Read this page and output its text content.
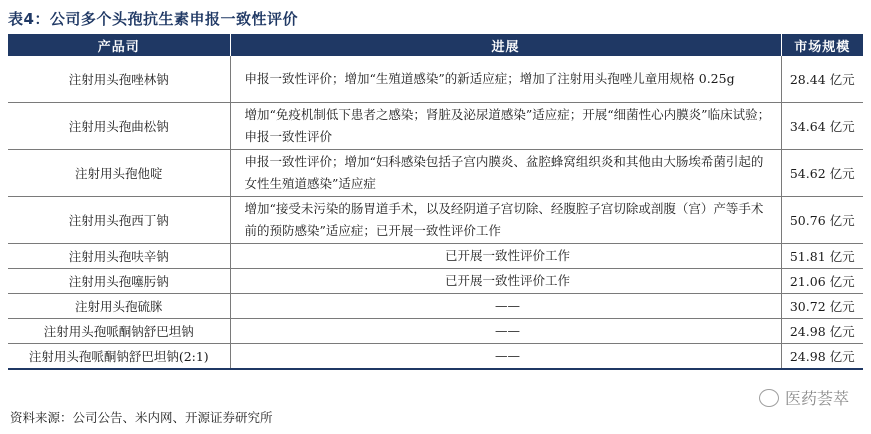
表4：公司多个头孢抗生素申报一致性评价
产品司	进展	市场规模
注射用头孢唑林钠	申报一致性评价；增加“生殖道感染”的新适应症；增加了注射用头孢唑儿童用规格 0.25g	28.44 亿元
注射用头孢曲松钠	增加“免疫机制低下患者之感染；肾脏及泌尿道感染”适应症；开展“细菌性心内膜炎”临床试验；申报一致性评价	34.64 亿元
注射用头孢他啶	申报一致性评价；增加“妇科感染包括子宫内膜炎、盆腔蜂窝组织炎和其他由大肠埃希菌引起的女性生殖道感染”适应症	54.62 亿元
注射用头孢西丁钠	增加“接受未污染的肠胃道手术，以及经阴道子宫切除、经腹腔子宫切除或剖腹（宫）产等手术前的预防感染”适应症；已开展一致性评价工作	50.76 亿元
注射用头孢呋辛钠	已开展一致性评价工作	51.81 亿元
注射用头孢噻肟钠	已开展一致性评价工作	21.06 亿元
注射用头孢硫脒	——	30.72 亿元
注射用头孢哌酮钠舒巴坦钠	——	24.98 亿元
注射用头孢哌酮钠舒巴坦钠(2:1)	——	24.98 亿元
资料来源：公司公告、米内网、开源证券研究所
医药荟萃
